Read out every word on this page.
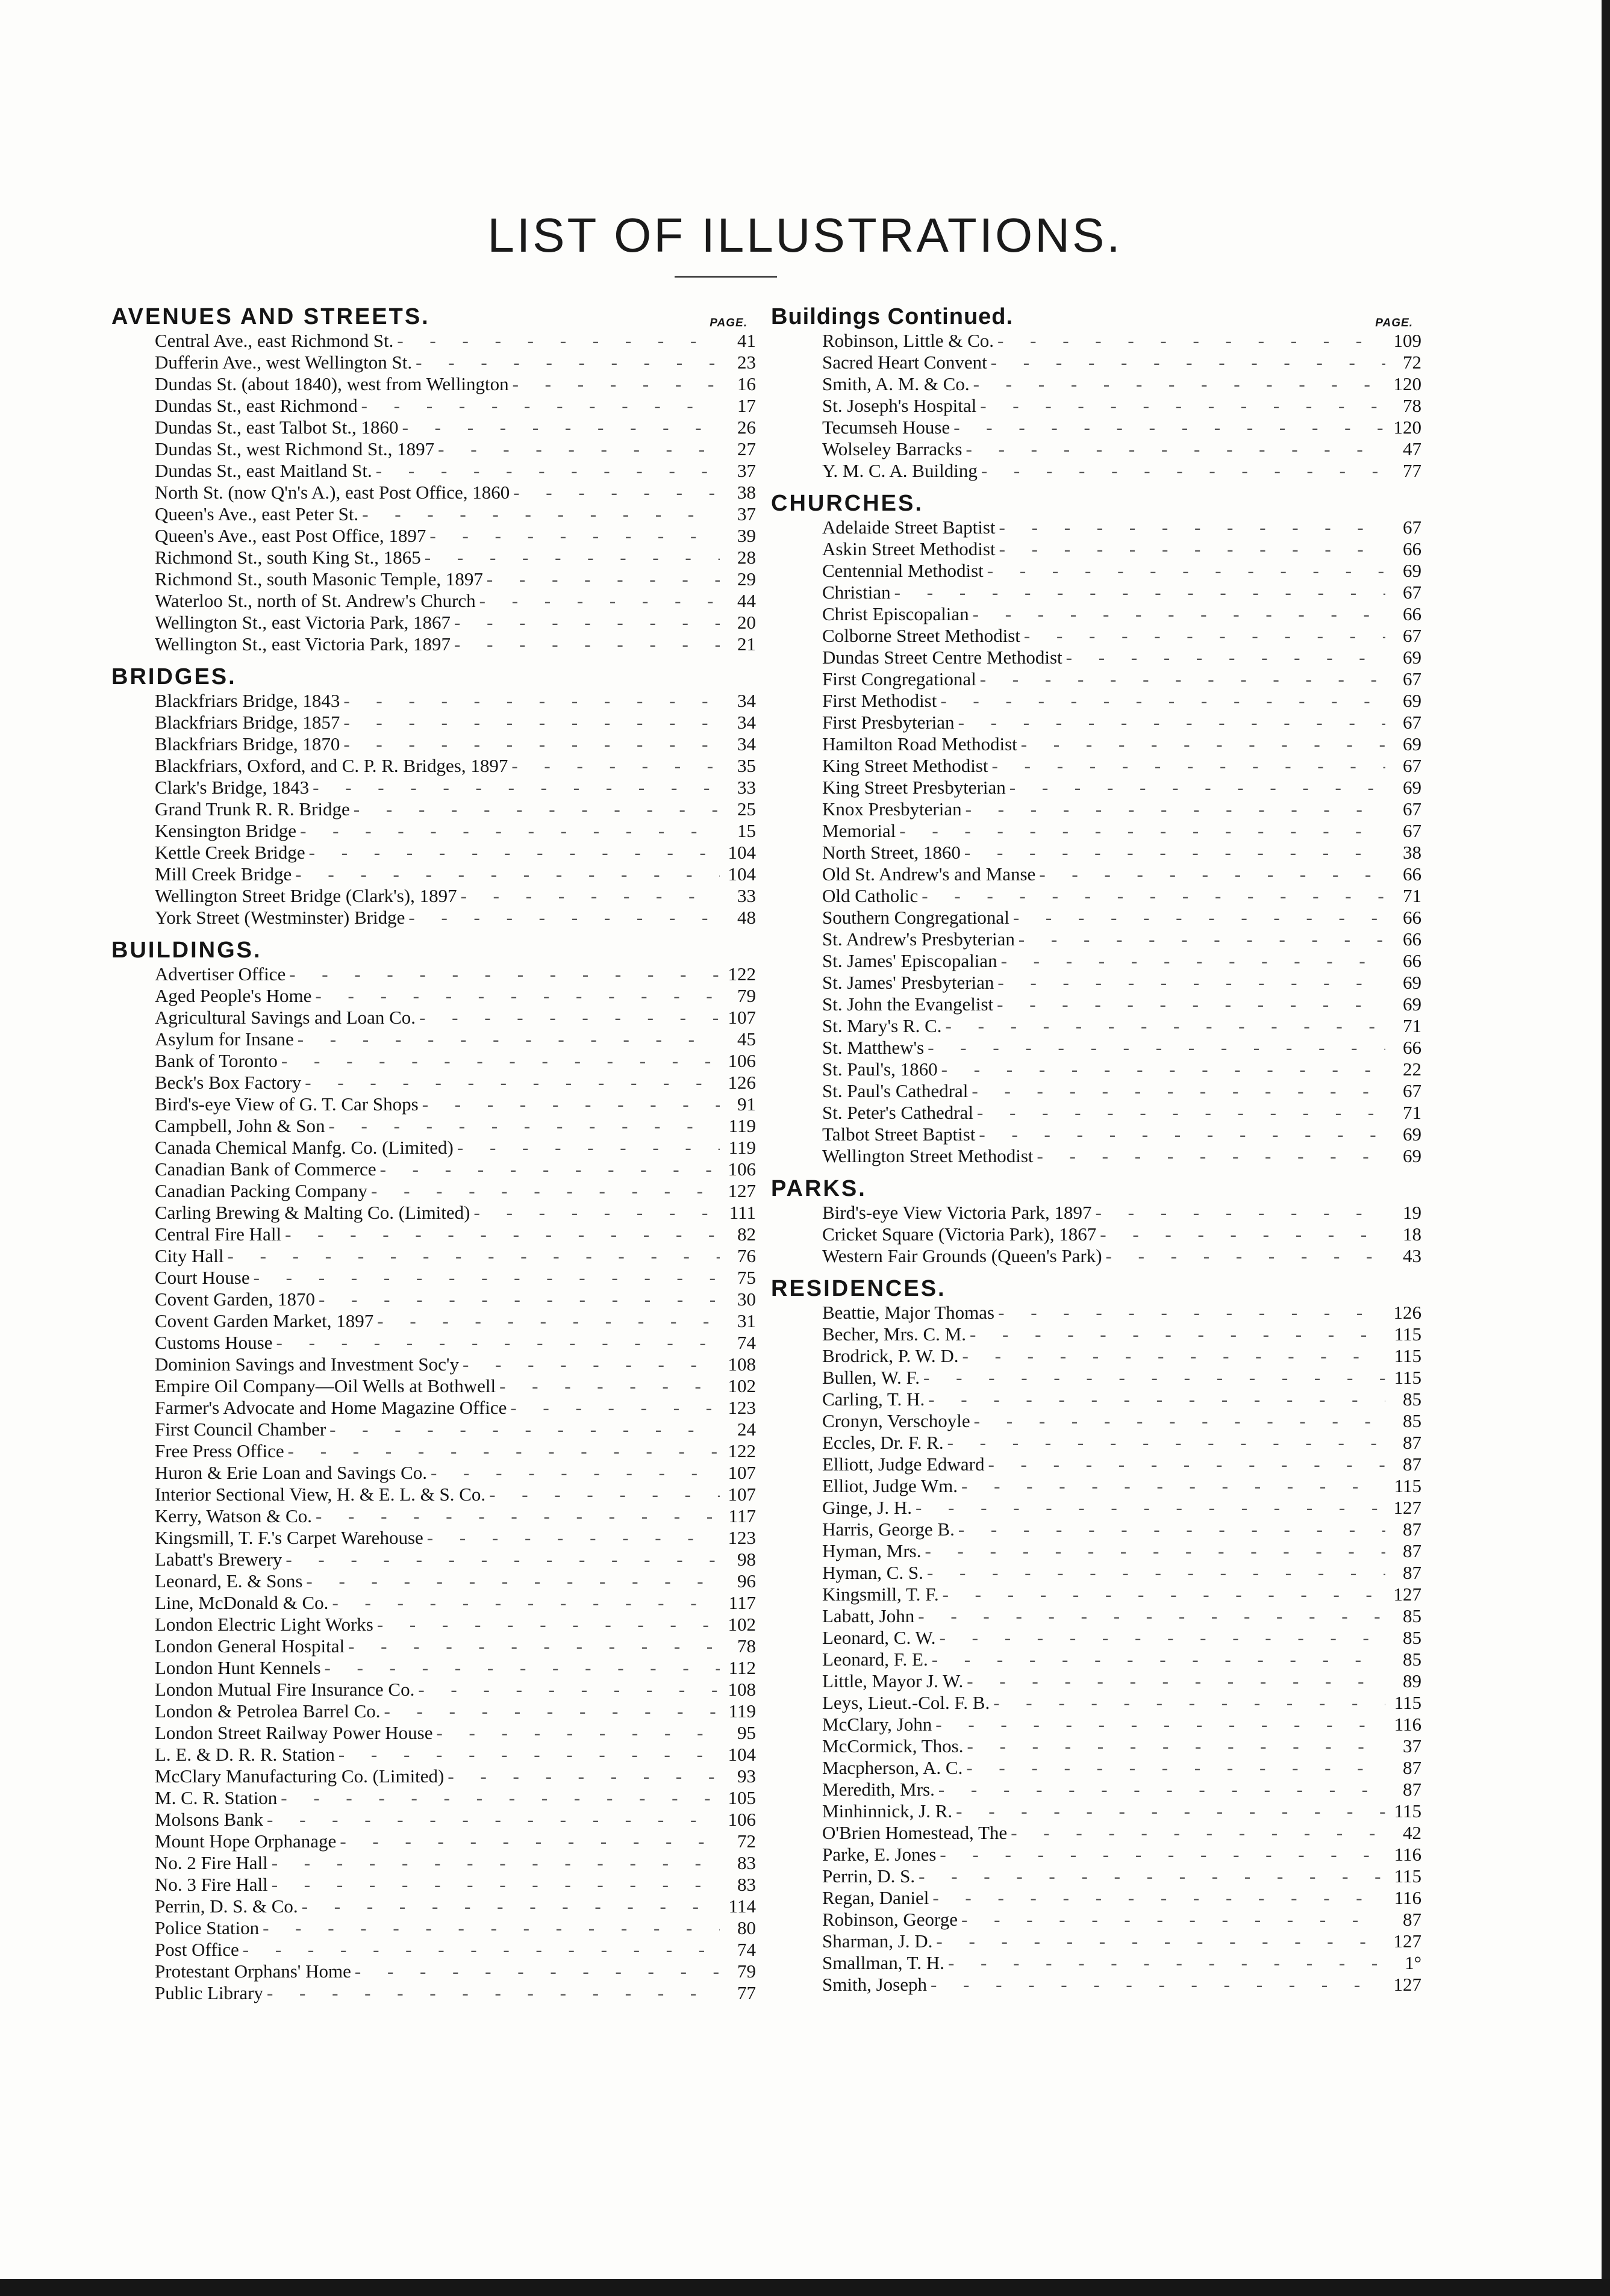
LIST OF ILLUSTRATIONS.
AVENUES AND STREETS.	PAGE.
Central Ave., east Richmond St. - - -	41
Dufferin Ave., west Wellington St. - - -	23
Dundas St. (about 1840), west from Wellington - - -	16
Dundas St., east Richmond - - -	17
Dundas St., east Talbot St., 1860 - - -	26
Dundas St., west Richmond St., 1897 - - -	27
Dundas St., east Maitland St. - - -	37
North St. (now Q'n's A.), east Post Office, 1860 - - -	38
Queen's Ave., east Peter St. - - -	37
Queen's Ave., east Post Office, 1897 - - -	39
Richmond St., south King St., 1865 - - -	28
Richmond St., south Masonic Temple, 1897 - - -	29
Waterloo St., north of St. Andrew's Church - - -	44
Wellington St., east Victoria Park, 1867 - - -	20
Wellington St., east Victoria Park, 1897 - - -	21
BRIDGES.
Blackfriars Bridge, 1843 - - -	34
Blackfriars Bridge, 1857 - - -	34
Blackfriars Bridge, 1870 - - -	34
Blackfriars, Oxford, and C. P. R. Bridges, 1897 - - -	35
Clark's Bridge, 1843 - - -	33
Grand Trunk R. R. Bridge - - -	25
Kensington Bridge - - -	15
Kettle Creek Bridge - - -	104
Mill Creek Bridge - - -	104
Wellington Street Bridge (Clark's), 1897 - - -	33
York Street (Westminster) Bridge - - -	48
BUILDINGS.
Advertiser Office - - -	122
Aged People's Home - - -	79
Agricultural Savings and Loan Co. - - -	107
Asylum for Insane - - -	45
Bank of Toronto - - -	106
Beck's Box Factory - - -	126
Bird's-eye View of G. T. Car Shops - - -	91
Campbell, John & Son - - -	119
Canada Chemical Manfg. Co. (Limited) - - -	119
Canadian Bank of Commerce - - -	106
Canadian Packing Company - - -	127
Carling Brewing & Malting Co. (Limited) - - -	111
Central Fire Hall - - -	82
City Hall - - -	76
Court House - - -	75
Covent Garden, 1870 - - -	30
Covent Garden Market, 1897 - - -	31
Customs House - - -	74
Dominion Savings and Investment Soc'y - - -	108
Empire Oil Company—Oil Wells at Bothwell - - -	102
Farmer's Advocate and Home Magazine Office - - -	123
First Council Chamber - - -	24
Free Press Office - - -	122
Huron & Erie Loan and Savings Co. - - -	107
Interior Sectional View, H. & E. L. & S. Co. - - -	107
Kerry, Watson & Co. - - -	117
Kingsmill, T. F.'s Carpet Warehouse - - -	123
Labatt's Brewery - - -	98
Leonard, E. & Sons - - -	96
Line, McDonald & Co. - - -	117
London Electric Light Works - - -	102
London General Hospital - - -	78
London Hunt Kennels - - -	112
London Mutual Fire Insurance Co. - - -	108
London & Petrolea Barrel Co. - - -	119
London Street Railway Power House - - -	95
L. E. & D. R. R. Station - - -	104
McClary Manufacturing Co. (Limited) - - -	93
M. C. R. Station - - -	105
Molsons Bank - - -	106
Mount Hope Orphanage - - -	72
No. 2 Fire Hall - - -	83
No. 3 Fire Hall - - -	83
Perrin, D. S. & Co. - - -	114
Police Station - - -	80
Post Office - - -	74
Protestant Orphans' Home - - -	79
Public Library - - -	77
Buildings Continued.	PAGE.
Robinson, Little & Co. - - -	109
Sacred Heart Convent - - -	72
Smith, A. M. & Co. - - -	120
St. Joseph's Hospital - - -	78
Tecumseh House - - -	120
Wolseley Barracks - - -	47
Y. M. C. A. Building - - -	77
CHURCHES.
Adelaide Street Baptist - - -	67
Askin Street Methodist - - -	66
Centennial Methodist - - -	69
Christian - - -	67
Christ Episcopalian - - -	66
Colborne Street Methodist - - -	67
Dundas Street Centre Methodist - - -	69
First Congregational - - -	67
First Methodist - - -	69
First Presbyterian - - -	67
Hamilton Road Methodist - - -	69
King Street Methodist - - -	67
King Street Presbyterian - - -	69
Knox Presbyterian - - -	67
Memorial - - -	67
North Street, 1860 - - -	38
Old St. Andrew's and Manse - - -	66
Old Catholic - - -	71
Southern Congregational - - -	66
St. Andrew's Presbyterian - - -	66
St. James' Episcopalian - - -	66
St. James' Presbyterian - - -	69
St. John the Evangelist - - -	69
St. Mary's R. C. - - -	71
St. Matthew's - - -	66
St. Paul's, 1860 - - -	22
St. Paul's Cathedral - - -	67
St. Peter's Cathedral - - -	71
Talbot Street Baptist - - -	69
Wellington Street Methodist - - -	69
PARKS.
Bird's-eye View Victoria Park, 1897 - - -	19
Cricket Square (Victoria Park), 1867 - - -	18
Western Fair Grounds (Queen's Park) - - -	43
RESIDENCES.
Beattie, Major Thomas - - -	126
Becher, Mrs. C. M. - - -	115
Brodrick, P. W. D. - - -	115
Bullen, W. F. - - -	115
Carling, T. H. - - -	85
Cronyn, Verschoyle - - -	85
Eccles, Dr. F. R. - - -	87
Elliott, Judge Edward - - -	87
Elliot, Judge Wm. - - -	115
Ginge, J. H. - - -	127
Harris, George B. - - -	87
Hyman, Mrs. - - -	87
Hyman, C. S. - - -	87
Kingsmill, T. F. - - -	127
Labatt, John - - -	85
Leonard, C. W. - - -	85
Leonard, F. E. - - -	85
Little, Mayor J. W. - - -	89
Leys, Lieut.-Col. F. B. - - -	115
McClary, John - - -	116
McCormick, Thos. - - -	37
Macpherson, A. C. - - -	87
Meredith, Mrs. - - -	87
Minhinnick, J. R. - - -	115
O'Brien Homestead, The - - -	42
Parke, E. Jones - - -	116
Perrin, D. S. - - -	115
Regan, Daniel - - -	116
Robinson, George - - -	87
Sharman, J. D. - - -	127
Smallman, T. H. - - -	1°
Smith, Joseph - - -	127
